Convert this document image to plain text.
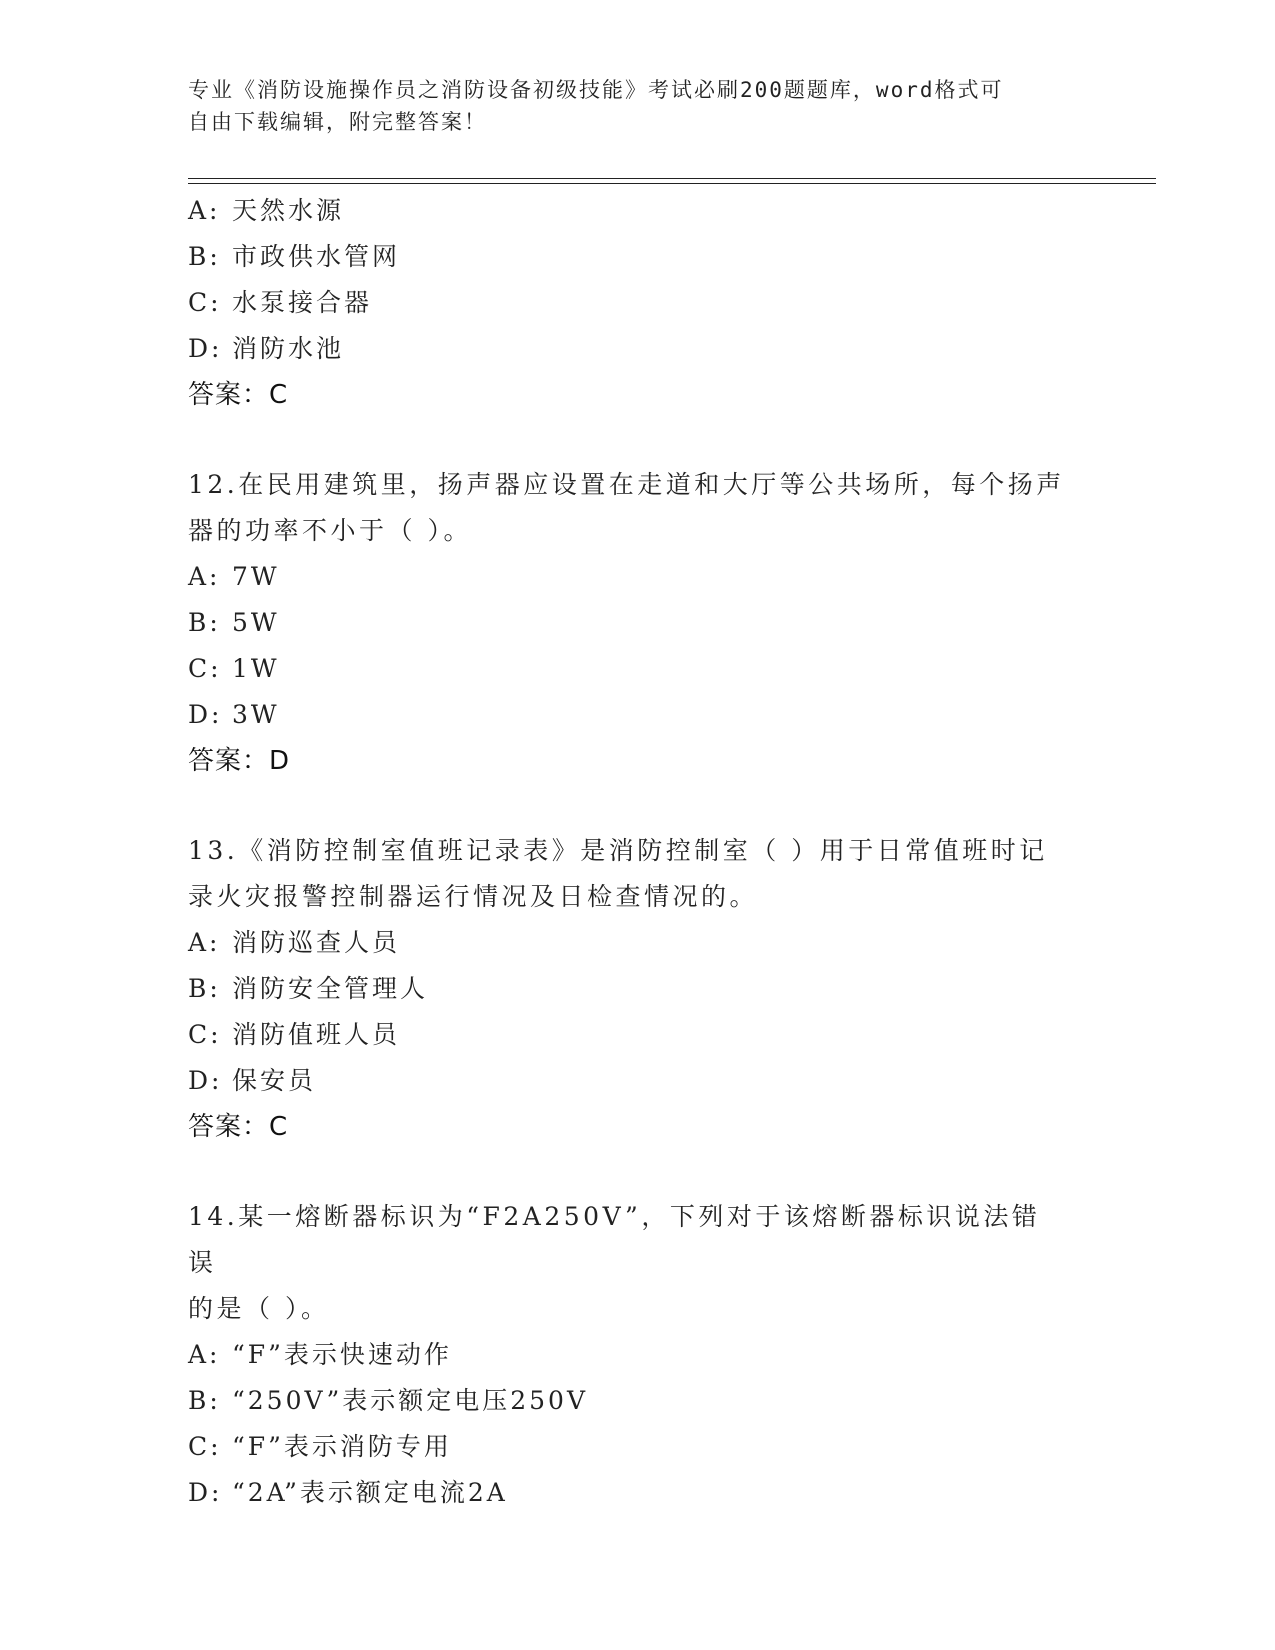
专业《消防设施操作员之消防设备初级技能》考试必刷200题题库，word格式可
自由下载编辑，附完整答案！
A: 天然水源
B: 市政供水管网
C: 水泵接合器
D: 消防水池
答案：C
12.在民用建筑里，扬声器应设置在走道和大厅等公共场所，每个扬声
器的功率不小于（ ）。
A: 7W
B: 5W
C: 1W
D: 3W
答案：D
13.《消防控制室值班记录表》是消防控制室（ ）用于日常值班时记
录火灾报警控制器运行情况及日检查情况的。
A: 消防巡查人员
B: 消防安全管理人
C: 消防值班人员
D: 保安员
答案：C
14.某一熔断器标识为“F2A250V”，下列对于该熔断器标识说法错误
的是（ ）。
A: “F”表示快速动作
B: “250V”表示额定电压250V
C: “F”表示消防专用
D: “2A”表示额定电流2A
